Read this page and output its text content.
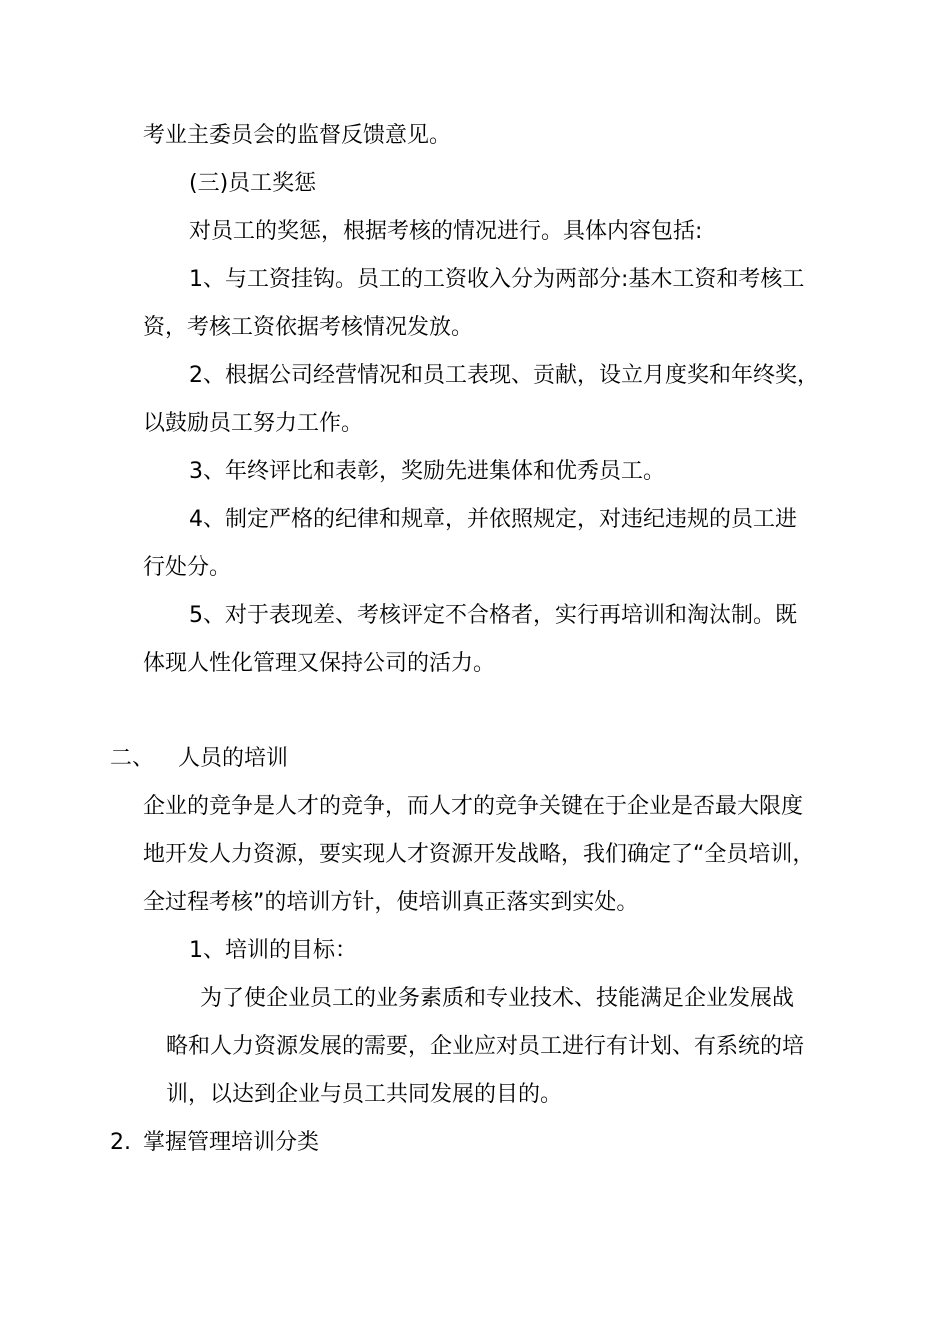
考业主委员会的监督反馈意见。
(三)员工奖惩
对员工的奖惩，根据考核的情况进行。具体内容包括:
1、与工资挂钩。员工的工资收入分为两部分:基木工资和考核工
资，考核工资依据考核情况发放。
2、根据公司经营情况和员工表现、贡献，设立月度奖和年终奖，
以鼓励员工努力工作。
3、年终评比和表彰，奖励先进集体和优秀员工。
4、制定严格的纪律和规章，并依照规定，对违纪违规的员工进
行处分。
5、对于表现差、考核评定不合格者，实行再培训和淘汰制。既
体现人性化管理又保持公司的活力。
二、 人员的培训
企业的竞争是人才的竞争，而人才的竞争关键在于企业是否最大限度
地开发人力资源，要实现人才资源开发战略，我们确定了“全员培训，
全过程考核”的培训方针，使培训真正落实到实处。
1、培训的目标：
为了使企业员工的业务素质和专业技术、技能满足企业发展战
略和人力资源发展的需要，企业应对员工进行有计划、有系统的培
训，以达到企业与员工共同发展的目的。
2. 掌握管理培训分类
